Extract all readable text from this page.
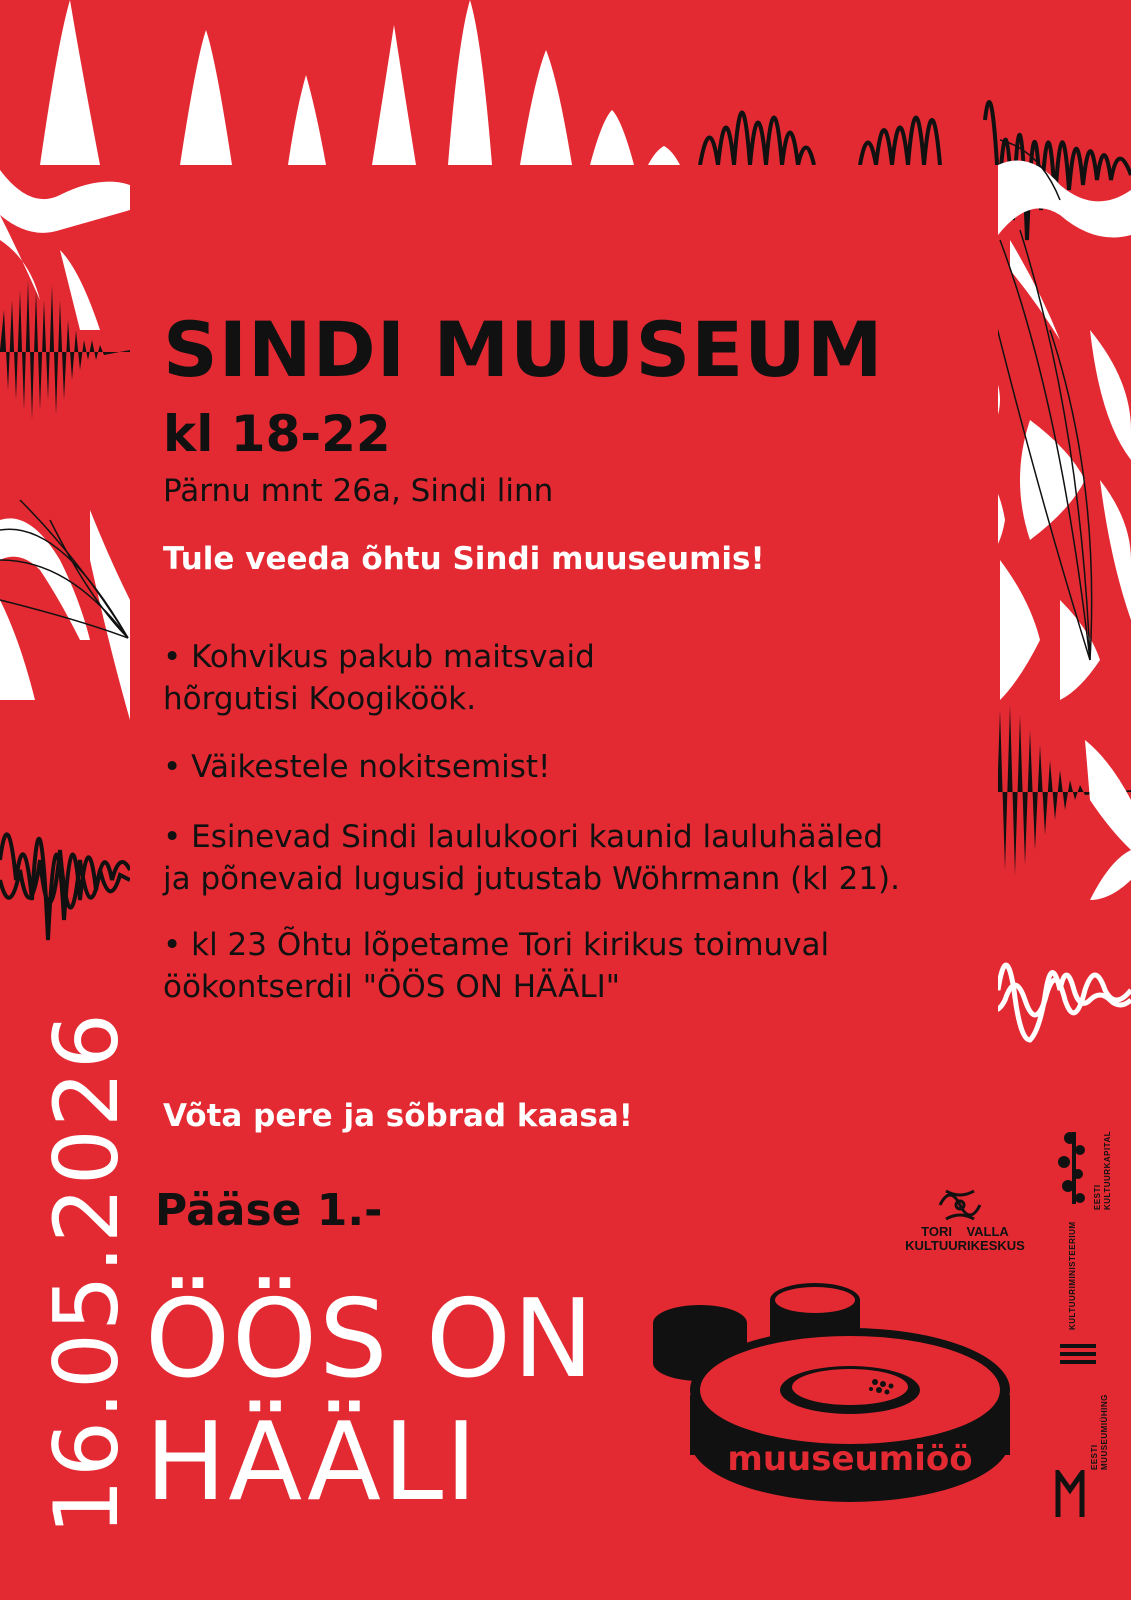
SINDI MUUSEUM
kl 18-22
Pärnu mnt 26a, Sindi linn
Tule veeda õhtu Sindi muuseumis!
• Kohvikus pakub maitsvaid
hõrgutisi Koogiköök.
• Väikestele nokitsemist!
• Esinevad Sindi laulukoori kaunid lauluhääled
ja põnevaid lugusid jutustab Wöhrmann (kl 21).
• kl 23 Õhtu lõpetame Tori kirikus toimuval
öökontserdil "ÖÖS ON HÄÄLI"
Võta pere ja sõbrad kaasa!
Pääse 1.-
16.05.2026 ÖÖS ON
HÄÄLI	muuseumiöö
TORI VALLA
KULTUURIKESKUS
KULTUURKAPITAL
EESTI
KULTUURIMINISTEERIUM
MUUSEUMIÜHING
EESTI
